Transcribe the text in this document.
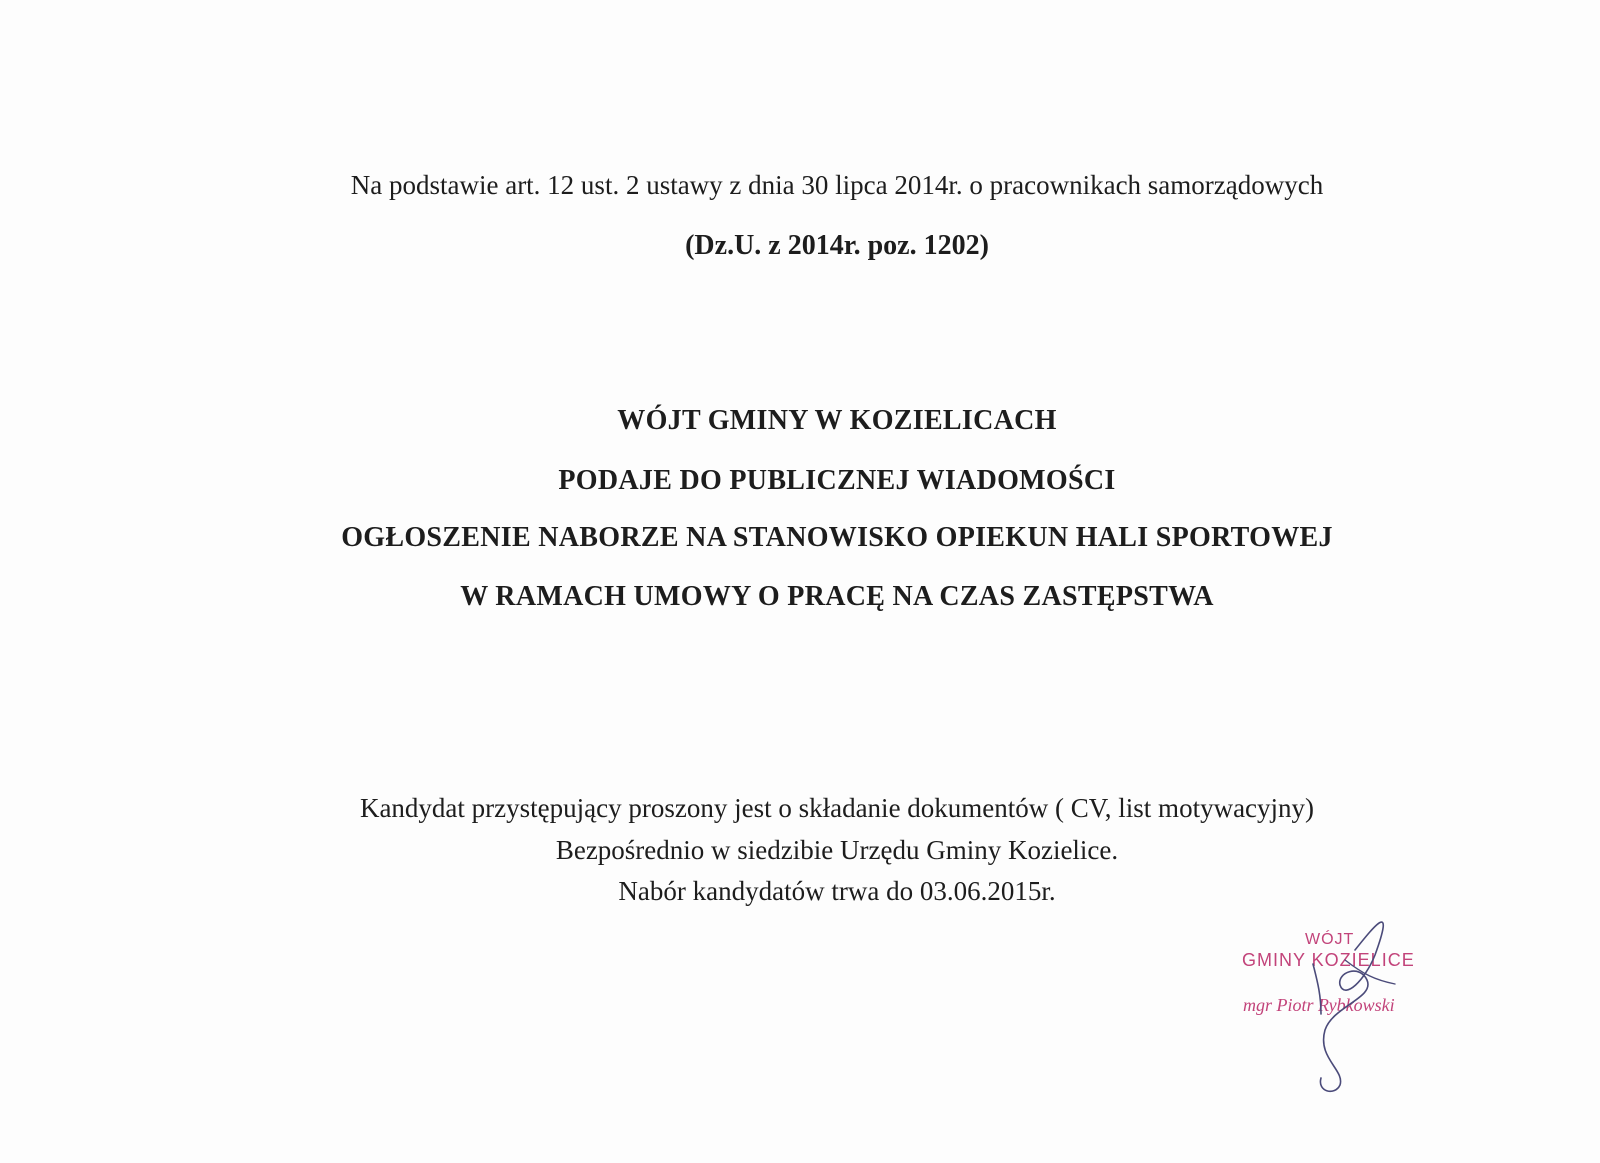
Na podstawie art. 12 ust. 2 ustawy z dnia 30 lipca 2014r. o pracownikach samorządowych
(Dz.U. z 2014r. poz. 1202)
WÓJT GMINY W KOZIELICACH
PODAJE DO PUBLICZNEJ WIADOMOŚCI
OGŁOSZENIE NABORZE NA STANOWISKO OPIEKUN HALI SPORTOWEJ
W RAMACH UMOWY O PRACĘ NA CZAS ZASTĘPSTWA
Kandydat przystępujący proszony jest o składanie dokumentów ( CV, list motywacyjny)
Bezpośrednio w siedzibie Urzędu Gminy Kozielice.
Nabór kandydatów trwa do 03.06.2015r.
WÓJT
GMINY KOZIELICE
mgr Piotr Rybkowski
